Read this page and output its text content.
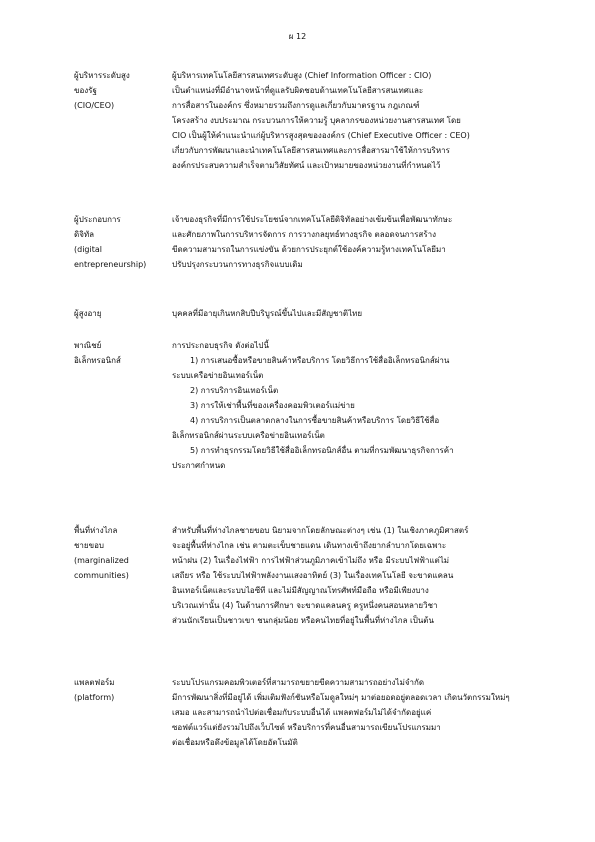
ผ 12
ผู้บริหารระดับสูง
ของรัฐ
(CIO/CEO)
ผู้บริหารเทคโนโลยีสารสนเทศระดับสูง (Chief Information Officer : CIO)
เป็นตำแหน่งที่มีอำนาจหน้าที่ดูแลรับผิดชอบด้านเทคโนโลยีสารสนเทศและ
การสื่อสารในองค์กร ซึ่งหมายรวมถึงการดูแลเกี่ยวกับมาตรฐาน กฎเกณฑ์
โครงสร้าง งบประมาณ กระบวนการให้ความรู้ บุคลากรของหน่วยงานสารสนเทศ โดย
CIO เป็นผู้ให้คำแนะนำแก่ผู้บริหารสูงสุดขององค์กร (Chief Executive Officer : CEO)
เกี่ยวกับการพัฒนาและนำเทคโนโลยีสารสนเทศและการสื่อสารมาใช้ให้การบริหาร
องค์กรประสบความสำเร็จตามวิสัยทัศน์ และเป้าหมายของหน่วยงานที่กำหนดไว้
ผู้ประกอบการ
ดิจิทัล
(digital
entrepreneurship)
เจ้าของธุรกิจที่มีการใช้ประโยชน์จากเทคโนโลยีดิจิทัลอย่างเข้มข้นเพื่อพัฒนาทักษะ
และศักยภาพในการบริหารจัดการ การวางกลยุทธ์ทางธุรกิจ ตลอดจนการสร้าง
ขีดความสามารถในการแข่งขัน ด้วยการประยุกต์ใช้องค์ความรู้ทางเทคโนโลยีมา
ปรับปรุงกระบวนการทางธุรกิจแบบเดิม
ผู้สูงอายุ	บุคคลที่มีอายุเกินหกสิบปีบริบูรณ์ขึ้นไปและมีสัญชาติไทย
พาณิชย์
อิเล็กทรอนิกส์
การประกอบธุรกิจ ดังต่อไปนี้
1) การเสนอซื้อหรือขายสินค้าหรือบริการ โดยวิธีการใช้สื่ออิเล็กทรอนิกส์ผ่าน
ระบบเครือข่ายอินเทอร์เน็ต
2) การบริการอินเทอร์เน็ต
3) การให้เช่าพื้นที่ของเครื่องคอมพิวเตอร์แม่ข่าย
4) การบริการเป็นตลาดกลางในการซื้อขายสินค้าหรือบริการ โดยวิธีใช้สื่อ
อิเล็กทรอนิกส์ผ่านระบบเครือข่ายอินเทอร์เน็ต
5) การทำธุรกรรมโดยวิธีใช้สื่ออิเล็กทรอนิกส์อื่น ตามที่กรมพัฒนาธุรกิจการค้า
ประกาศกำหนด
พื้นที่ห่างไกล
ชายขอบ
(marginalized
communities)
สำหรับพื้นที่ห่างไกลชายขอบ นิยามจากโดยลักษณะต่างๆ เช่น (1) ในเชิงภาคภูมิศาสตร์
จะอยู่พื้นที่ห่างไกล เช่น ตามตะเข็บชายแดน เดินทางเข้าถึงยากลำบากโดยเฉพาะ
หน้าฝน (2) ในเรื่องไฟฟ้า การไฟฟ้าส่วนภูมิภาคเข้าไม่ถึง หรือ มีระบบไฟฟ้าแต่ไม่
เสถียร หรือ ใช้ระบบไฟฟ้าพลังงานแสงอาทิตย์ (3) ในเรื่องเทคโนโลยี จะขาดแคลน
อินเทอร์เน็ตและระบบไอซีที และไม่มีสัญญาณโทรศัพท์มือถือ หรือมีเพียงบาง
บริเวณเท่านั้น (4) ในด้านการศึกษา จะขาดแคลนครู ครูหนึ่งคนสอนหลายวิชา
ส่วนนักเรียนเป็นชาวเขา ชนกลุ่มน้อย หรือคนไทยที่อยู่ในพื้นที่ห่างไกล เป็นต้น
แพลตฟอร์ม
(platform)
ระบบโปรแกรมคอมพิวเตอร์ที่สามารถขยายขีดความสามารถอย่างไม่จำกัด
มีการพัฒนาสิ่งที่มีอยู่ได้ เพิ่มเติมฟังก์ชันหรือโมดูลใหม่ๆ มาต่อยอดอยู่ตลอดเวลา เกิดนวัตกรรมใหม่ๆ
เสมอ และสามารถนำไปต่อเชื่อมกับระบบอื่นได้ แพลตฟอร์มไม่ได้จำกัดอยู่แค่
ซอฟต์แวร์แต่ยังรวมไปถึงเว็บไซต์ หรือบริการที่คนอื่นสามารถเขียนโปรแกรมมา
ต่อเชื่อมหรือดึงข้อมูลได้โดยอัตโนมัติ
